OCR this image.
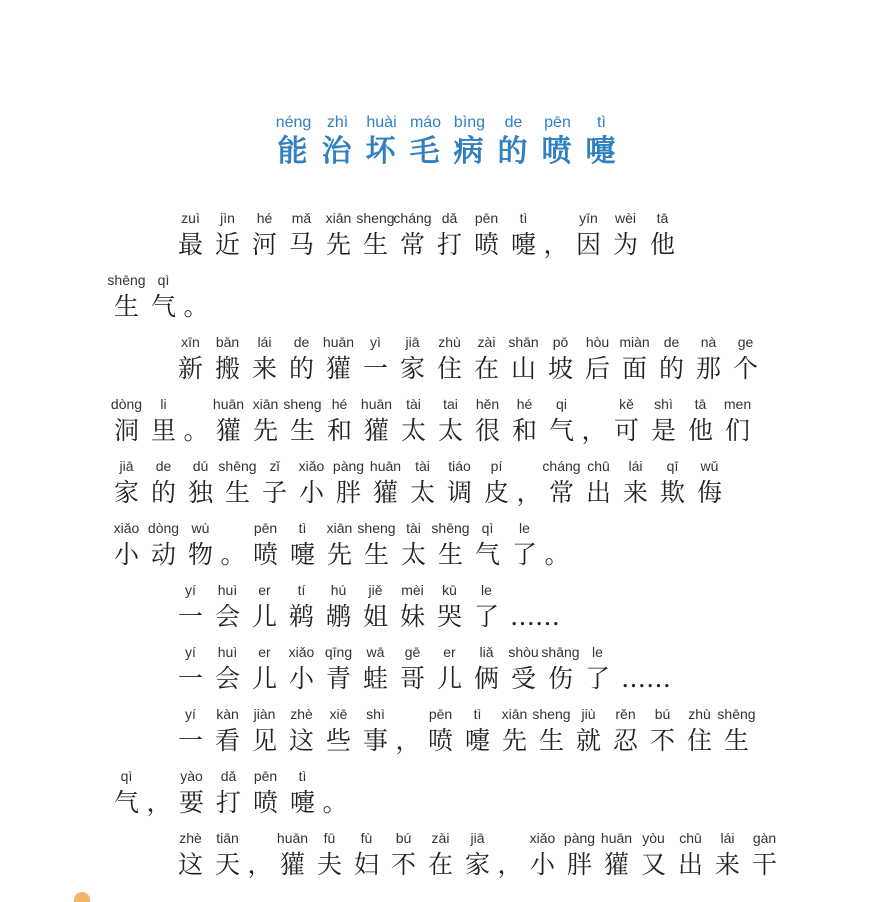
néng
能
zhì
治
huài
坏
máo
毛
bìng
病
de
的
pēn
喷
tì
嚏
zuì
最
jìn
近
hé
河
mǎ
马
xiān
先
sheng
生
cháng
常
dǎ
打
pēn
喷
tì
嚏 ，
yīn
因
wèi
为
tā
他
shēng
生
qì
气 。
xīn
新
bān
搬
lái
来
de
的
huān
獾
yì
一
jiā
家
zhù
住
zài
在
shān
山
pō
坡
hòu
后
miàn
面
de
的
nà
那
ge
个
dòng
洞
li
里 。
huān
獾
xiān
先
sheng
生
hé
和
huān
獾
tài
太
tai
太
hěn
很
hé
和
qi
气 ，
kě
可
shì
是
tā
他
men
们
jiā
家
de
的
dú
独
shēng
生
zǐ
子
xiǎo
小
pàng
胖
huān
獾
tài
太
tiáo
调
pí
皮 ，
cháng
常
chū
出
lái
来
qī
欺
wǔ
侮
xiǎo
小
dòng
动
wù
物 。
pēn
喷
tì
嚏
xiān
先
sheng
生
tài
太
shēng
生
qì
气
le
了 。
yí
一
huì
会
er
儿
tí
鹈
hú
鹕
jiě
姐
mèi
妹
kū
哭
le
了 ……
yí
一
huì
会
er
儿
xiǎo
小
qīng
青
wā
蛙
gē
哥
er
儿
liǎ
俩
shòu
受
shāng
伤
le
了 ……
yí
一
kàn
看
jiàn
见
zhè
这
xiē
些
shì
事 ，
pēn
喷
tì
嚏
xiān
先
sheng
生
jiù
就
rěn
忍
bú
不
zhù
住
shēng
生
qì
气 ，
yào
要
dǎ
打
pēn
喷
tì
嚏 。
zhè
这
tiān
天 ，
huān
獾
fū
夫
fù
妇
bú
不
zài
在
jiā
家 ，
xiǎo
小
pàng
胖
huān
獾
yòu
又
chū
出
lái
来
gàn
干
